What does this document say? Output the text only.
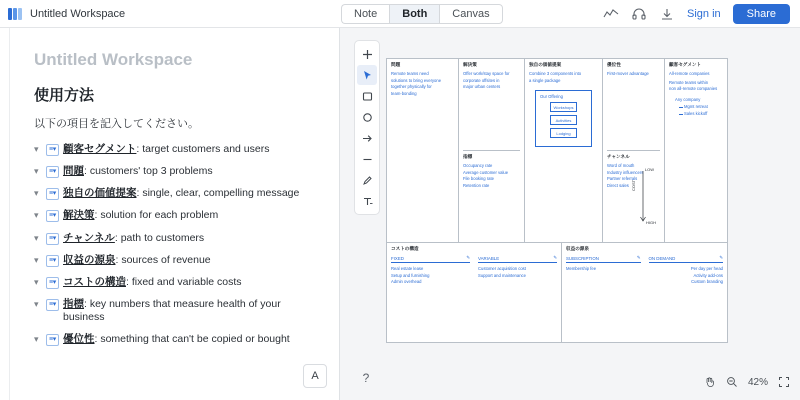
Untitled Workspace	Note	Both	Canvas	Sign in	Share
Untitled Workspace
使用方法

以下の項目を記入してください。

▾	≡▾ 顧客セグメント: target customers and users
▾	≡▾ 問題: customers' top 3 problems
▾	≡▾ 独自の価値提案: single, clear, compelling message
▾	≡▾ 解決策: solution for each problem
▾	≡▾ チャンネル: path to customers
▾	≡▾ 収益の源泉: sources of revenue
▾	≡▾ コストの構造: fixed and variable costs
▾	≡▾ 指標: key numbers that measure health of your business
▾	≡▾ 優位性: something that can't be copied or bought
A
問題
Remote teams need
solutions to bring everyone
together physically for
team-bonding
解決策
Offer work/stay space for
corporate offsites in
major urban centers
指標
Occupancy rate
Average customer value
File booking rate
Retention rate
独自の価値提案
Combine 3 components into
a single package
Our Offering
Workshops
Activities
Lodging
優位性
First-mover advantage
チャンネル
Word of mouth
Industry influencers
Partner referrals
Direct sales
LOW
HIGH
COST
顧客セグメント
All-remote companies
Remote teams within
non all-remote companies
Any company
Mgmt retreat
Sales kickoff
コストの構造
FIXED	✎
Real estate lease
Setup and furnishing
Admin overhead
VARIABLE	✎
Customer acquisition cost
Support and maintenance
収益の源泉
SUBSCRIPTION	✎
Membership fee
ON DEMAND	✎
Per day per head
Activity add-ons
Custom branding
?	42%
